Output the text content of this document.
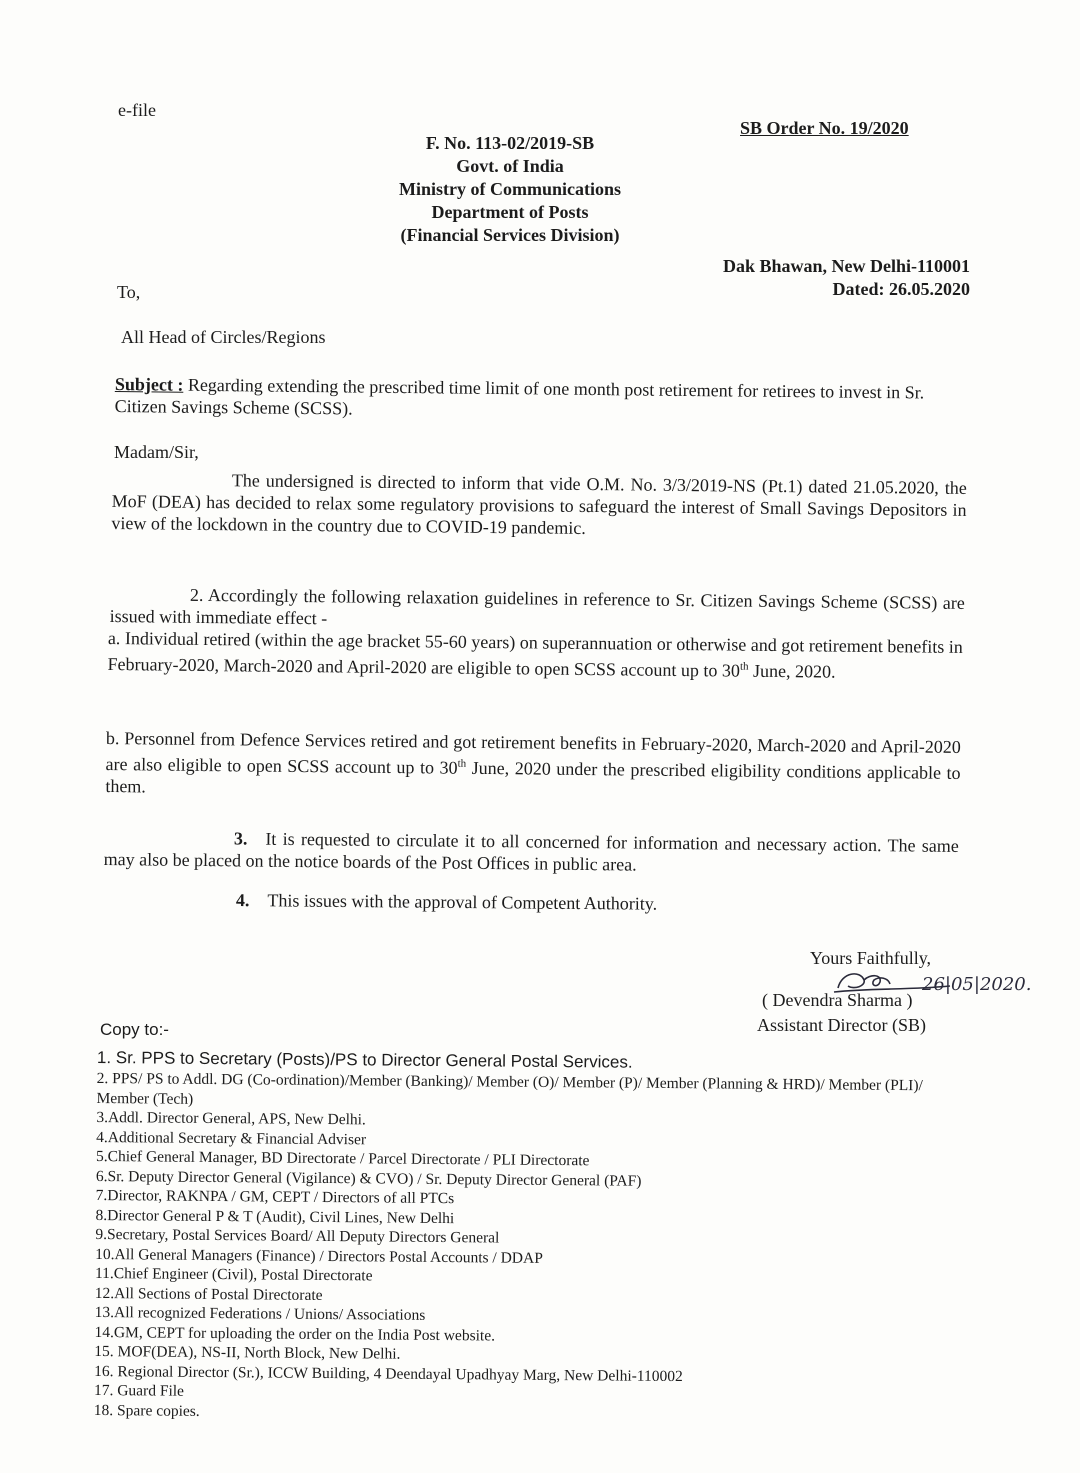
e-file
SB Order No. 19/2020
F. No. 113-02/2019-SB
Govt. of India
Ministry of Communications
Department of Posts
(Financial Services Division)
Dak Bhawan, New Delhi-110001
Dated: 26.05.2020
To,
All Head of Circles/Regions
Subject : Regarding extending the prescribed time limit of one month post retirement for retirees to invest in Sr. Citizen Savings Scheme (SCSS).
Madam/Sir,
The undersigned is directed to inform that vide O.M. No. 3/3/2019-NS (Pt.1) dated 21.05.2020, the MoF (DEA) has decided to relax some regulatory provisions to safeguard the interest of Small Savings Depositors in view of the lockdown in the country due to COVID-19 pandemic.
2. Accordingly the following relaxation guidelines in reference to Sr. Citizen Savings Scheme (SCSS) are issued with immediate effect -
a. Individual retired (within the age bracket 55-60 years) on superannuation or otherwise and got retirement benefits in February-2020, March-2020 and April-2020 are eligible to open SCSS account up to 30th June, 2020.
b. Personnel from Defence Services retired and got retirement benefits in February-2020, March-2020 and April-2020 are also eligible to open SCSS account up to 30th June, 2020 under the prescribed eligibility conditions applicable to them.
3. It is requested to circulate it to all concerned for information and necessary action. The same may also be placed on the notice boards of the Post Offices in public area.
4. This issues with the approval of Competent Authority.
Yours Faithfully,
26|05|2020.
( Devendra Sharma )
Assistant Director (SB)
Copy to:-
1. Sr. PPS to Secretary (Posts)/PS to Director General Postal Services.
2. PPS/ PS to Addl. DG (Co-ordination)/Member (Banking)/ Member (O)/ Member (P)/ Member (Planning & HRD)/ Member (PLI)/ Member (Tech)
3.Addl. Director General, APS, New Delhi.
4.Additional Secretary & Financial Adviser
5.Chief General Manager, BD Directorate / Parcel Directorate / PLI Directorate
6.Sr. Deputy Director General (Vigilance) & CVO) / Sr. Deputy Director General (PAF)
7.Director, RAKNPA / GM, CEPT / Directors of all PTCs
8.Director General P & T (Audit), Civil Lines, New Delhi
9.Secretary, Postal Services Board/ All Deputy Directors General
10.All General Managers (Finance) / Directors Postal Accounts / DDAP
11.Chief Engineer (Civil), Postal Directorate
12.All Sections of Postal Directorate
13.All recognized Federations / Unions/ Associations
14.GM, CEPT for uploading the order on the India Post website.
15. MOF(DEA), NS-II, North Block, New Delhi.
16. Regional Director (Sr.), ICCW Building, 4 Deendayal Upadhyay Marg, New Delhi-110002
17. Guard File
18. Spare copies.
